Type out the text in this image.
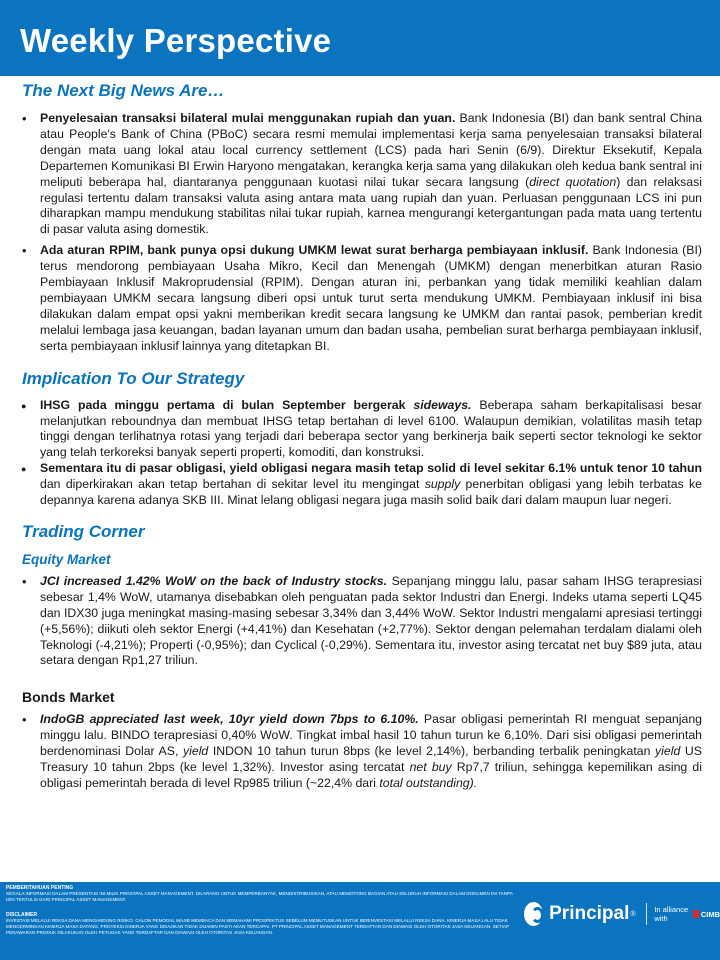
Weekly Perspective
The Next Big News Are…
• Penyelesaian transaksi bilateral mulai menggunakan rupiah dan yuan. Bank Indonesia (BI) dan bank sentral China atau People's Bank of China (PBoC) secara resmi memulai implementasi kerja sama penyelesaian transaksi bilateral dengan mata uang lokal atau local currency settlement (LCS) pada hari Senin (6/9). Direktur Eksekutif, Kepala Departemen Komunikasi BI Erwin Haryono mengatakan, kerangka kerja sama yang dilakukan oleh kedua bank sentral ini meliputi beberapa hal, diantaranya penggunaan kuotasi nilai tukar secara langsung (direct quotation) dan relaksasi regulasi tertentu dalam transaksi valuta asing antara mata uang rupiah dan yuan. Perluasan penggunaan LCS ini pun diharapkan mampu mendukung stabilitas nilai tukar rupiah, karnea mengurangi ketergantungan pada mata uang tertentu di pasar valuta asing domestik.
• Ada aturan RPIM, bank punya opsi dukung UMKM lewat surat berharga pembiayaan inklusif. Bank Indonesia (BI) terus mendorong pembiayaan Usaha Mikro, Kecil dan Menengah (UMKM) dengan menerbitkan aturan Rasio Pembiayaan Inklusif Makroprudensial (RPIM). Dengan aturan ini, perbankan yang tidak memiliki keahlian dalam pembiayaan UMKM secara langsung diberi opsi untuk turut serta mendukung UMKM. Pembiayaan inklusif ini bisa dilakukan dalam empat opsi yakni memberikan kredit secara langsung ke UMKM dan rantai pasok, pemberian kredit melalui lembaga jasa keuangan, badan layanan umum dan badan usaha, pembelian surat berharga pembiayaan inklusif, serta pembiayaan inklusif lainnya yang ditetapkan BI.
Implication To Our Strategy
● IHSG pada minggu pertama di bulan September bergerak sideways. Beberapa saham berkapitalisasi besar melanjutkan reboundnya dan membuat IHSG tetap bertahan di level 6100. Walaupun demikian, volatilitas masih tetap tinggi dengan terlihatnya rotasi yang terjadi dari beberapa sector yang berkinerja baik seperti sector teknologi ke sektor yang telah terkoreksi banyak seperti properti, komoditi, dan konstruksi.
● Sementara itu di pasar obligasi, yield obligasi negara masih tetap solid di level sekitar 6.1% untuk tenor 10 tahun dan diperkirakan akan tetap bertahan di sekitar level itu mengingat supply penerbitan obligasi yang lebih terbatas ke depannya karena adanya SKB III. Minat lelang obligasi negara juga masih solid baik dari dalam maupun luar negeri.
Trading Corner
Equity Market
• JCI increased 1.42% WoW on the back of Industry stocks. Sepanjang minggu lalu, pasar saham IHSG terapresiasi sebesar 1,4% WoW, utamanya disebabkan oleh penguatan pada sektor Industri dan Energi. Indeks utama seperti LQ45 dan IDX30 juga meningkat masing-masing sebesar 3,34% dan 3,44% WoW. Sektor Industri mengalami apresiasi tertinggi (+5,56%); diikuti oleh sektor Energi (+4,41%) dan Kesehatan (+2,77%). Sektor dengan pelemahan terdalam dialami oleh Teknologi (-4,21%); Properti (-0,95%); dan Cyclical (-0,29%). Sementara itu, investor asing tercatat net buy $89 juta, atau setara dengan Rp1,27 triliun.
Bonds Market
• IndoGB appreciated last week, 10yr yield down 7bps to 6.10%. Pasar obligasi pemerintah RI menguat sepanjang minggu lalu. BINDO terapresiasi 0,40% WoW. Tingkat imbal hasil 10 tahun turun ke 6,10%. Dari sisi obligasi pemerintah berdenominasi Dolar AS, yield INDON 10 tahun turun 8bps (ke level 2,14%), berbanding terbalik peningkatan yield US Treasury 10 tahun 2bps (ke level 1,32%). Investor asing tercatat net buy Rp7,7 triliun, sehingga kepemilikan asing di obligasi pemerintah berada di level Rp985 triliun (~22,4% dari total outstanding).
PEMBERITAHUAN PENTING
SEGALA INFORMASI DALAM PRESENTASI INI MILIK PRINCIPAL ASSET MANAGEMENT. DILARANG UNTUK MEMPERBANYAK, MENDISTRIBUSIKAN, ATAU MEMOTONG BAGIAN ATAU SELURUH INFORMASI DALAM DOKUMEN INI TANPA IZIN TERTULIS DARI PRINCIPAL ASSET MANAGEMENT.
DISCLAIMER
INVESTASI MELALUI REKSA DANA MENGANDUNG RISIKO. CALON PEMODAL WAJIB MEMBACA DAN MEMAHAMI PROSPEKTUS SEBELUM MEMUTUSKAN UNTUK BERINVESTASI MELALUI REKSA DANA. KINERJA MASA LALU TIDAK MENCERMINKAN KINERJA MASA DATANG. PROYEKSI KINERJA YANG DISAJIKAN TIDAK DIJAMIN PASTI AKAN TERCAPAI. PT PRINCIPAL ASSET MANAGEMENT TERDAFTAR DAN DIAWASI OLEH OTORITAS JASA KEUANGAN. SETIAP PENAWARAN PRODUK DILAKUKAN OLEH PETUGAS YANG TERDAFTAR DAN DIAWASI OLEH OTORITAS JASA KEUANGAN.
Principal ®	In alliance with	CIMB
